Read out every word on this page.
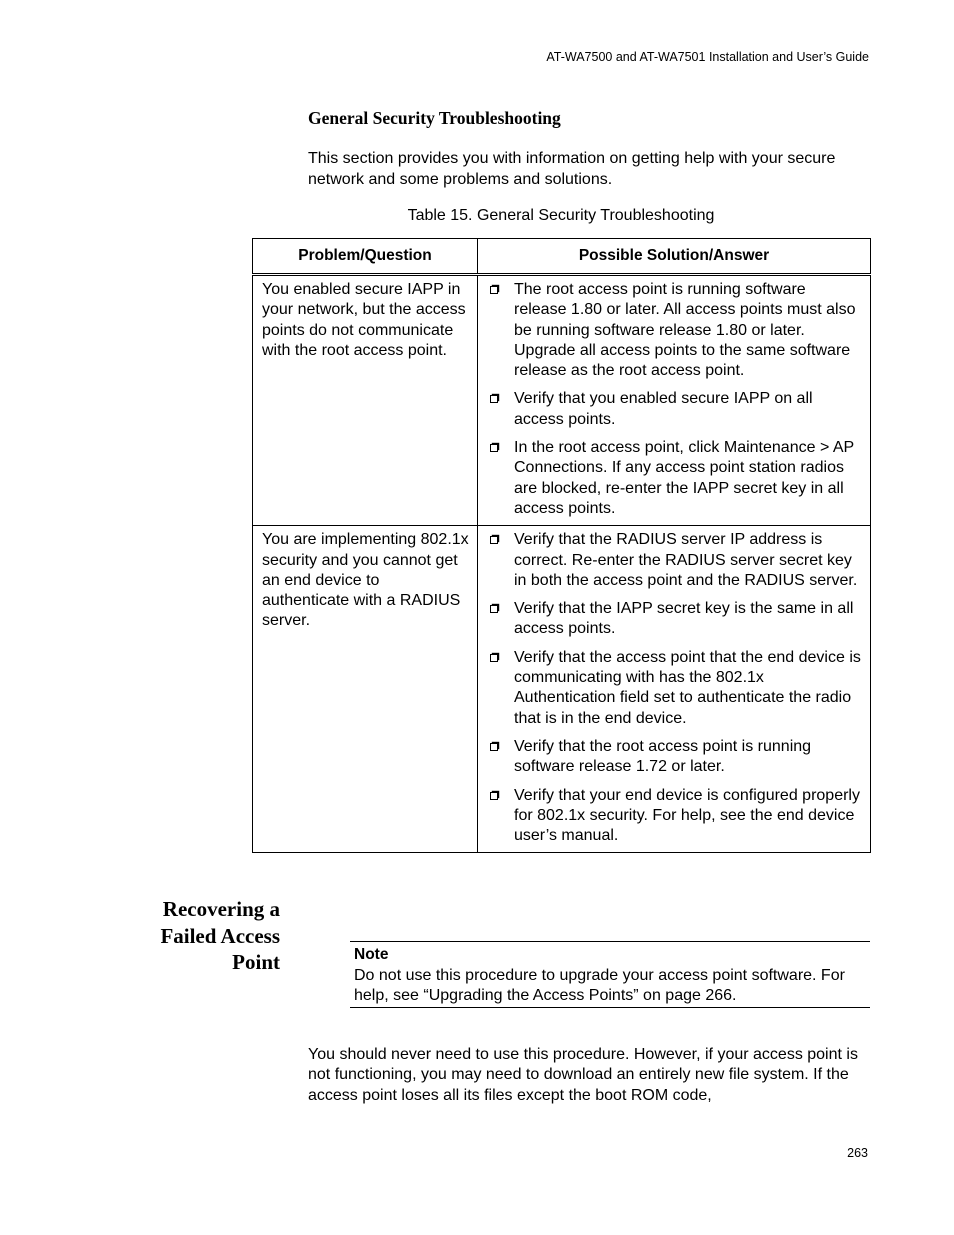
AT-WA7500 and AT-WA7501 Installation and User’s Guide
General Security Troubleshooting
This section provides you with information on getting help with your secure network and some problems and solutions.
Table 15. General Security Troubleshooting
Problem/Question	Possible Solution/Answer
You enabled secure IAPP in your network, but the access points do not communicate with the root access point.	The root access point is running software release 1.80 or later. All access points must also be running software release 1.80 or later. Upgrade all access points to the same software release as the root access point.
Verify that you enabled secure IAPP on all access points.
In the root access point, click Maintenance > AP Connections. If any access point station radios are blocked, re-enter the IAPP secret key in all access points.

You are implementing 802.1x security and you cannot get an end device to authenticate with a RADIUS server.	Verify that the RADIUS server IP address is correct. Re-enter the RADIUS server secret key in both the access point and the RADIUS server.
Verify that the IAPP secret key is the same in all access points.
Verify that the access point that the end device is communicating with has the 802.1x Authentication field set to authenticate the radio that is in the end device.
Verify that the root access point is running software release 1.72 or later.
Verify that your end device is configured properly for 802.1x security. For help, see the end device user’s manual.
Recovering a
Failed Access
Point	Note
Do not use this procedure to upgrade your access point software. For help, see “Upgrading the Access Points” on page 266.
You should never need to use this procedure. However, if your access point is not functioning, you may need to download an entirely new file system. If the access point loses all its files except the boot ROM code,
263
